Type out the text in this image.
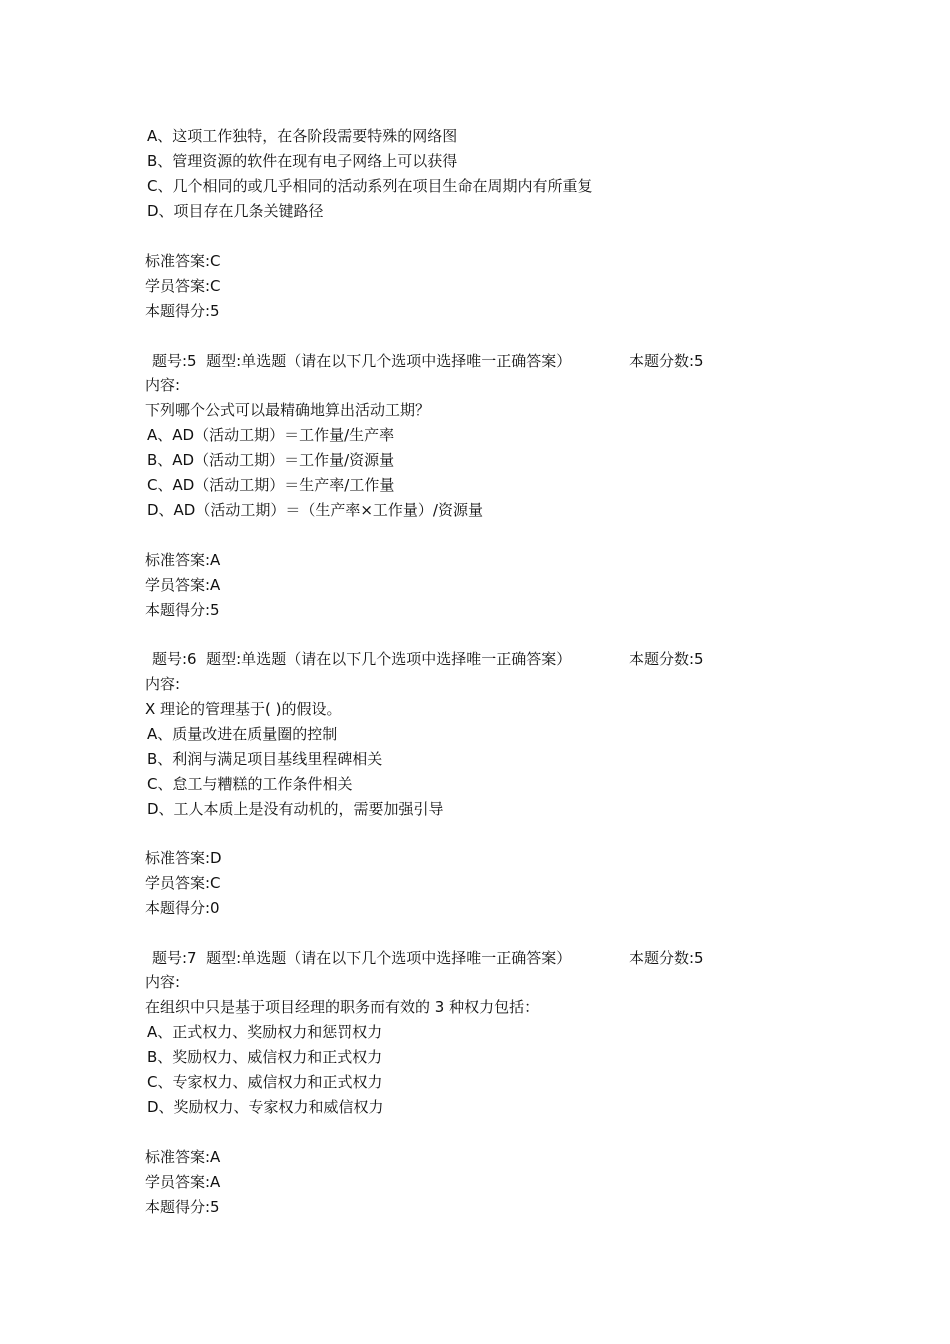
A、这项工作独特，在各阶段需要特殊的网络图
B、管理资源的软件在现有电子网络上可以获得
C、几个相同的或几乎相同的活动系列在项目生命在周期内有所重复
D、项目存在几条关键路径
标准答案:C
学员答案:C
本题得分:5
题号:5  题型:单选题（请在以下几个选项中选择唯一正确答案）	本题分数:5
内容:
下列哪个公式可以最精确地算出活动工期？
A、AD（活动工期）＝工作量/生产率
B、AD（活动工期）＝工作量/资源量
C、AD（活动工期）＝生产率/工作量
D、AD（活动工期）＝（生产率×工作量）/资源量
标准答案:A
学员答案:A
本题得分:5
题号:6  题型:单选题（请在以下几个选项中选择唯一正确答案）	本题分数:5
内容:
X 理论的管理基于( )的假设。
A、质量改进在质量圈的控制
B、利润与满足项目基线里程碑相关
C、怠工与糟糕的工作条件相关
D、工人本质上是没有动机的，需要加强引导
标准答案:D
学员答案:C
本题得分:0
题号:7  题型:单选题（请在以下几个选项中选择唯一正确答案）	本题分数:5
内容:
在组织中只是基于项目经理的职务而有效的 3 种权力包括：
A、正式权力、奖励权力和惩罚权力
B、奖励权力、威信权力和正式权力
C、专家权力、威信权力和正式权力
D、奖励权力、专家权力和威信权力
标准答案:A
学员答案:A
本题得分:5
